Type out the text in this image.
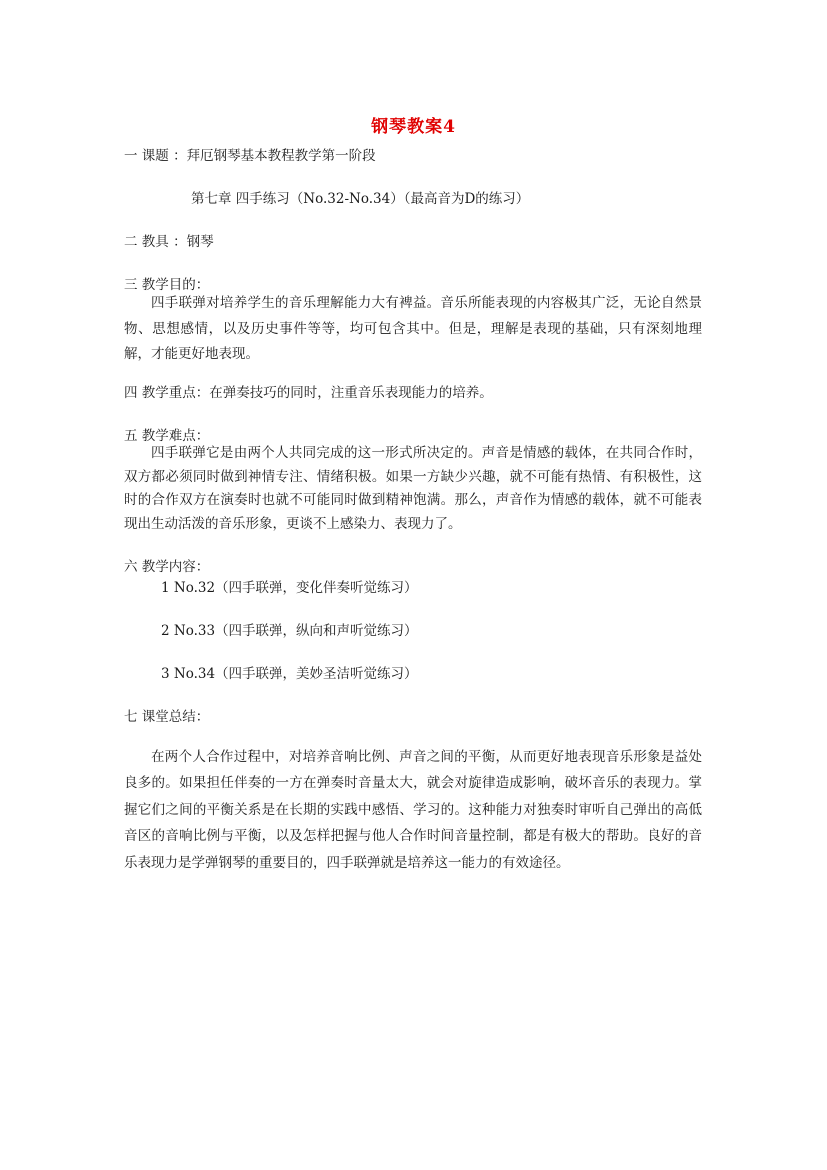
钢琴教案4
一 课题 ：拜厄钢琴基本教程教学第一阶段
第七章 四手练习（No.32-No.34）（最高音为D的练习）
二 教具 ：钢琴
三 教学目的：
四手联弹对培养学生的音乐理解能力大有裨益。音乐所能表现的内容极其广泛，无论自然景物、思想感情，以及历史事件等等，均可包含其中。但是，理解是表现的基础，只有深刻地理解，才能更好地表现。
四 教学重点：在弹奏技巧的同时，注重音乐表现能力的培养。
五 教学难点：
四手联弹它是由两个人共同完成的这一形式所决定的。声音是情感的载体，在共同合作时，双方都必须同时做到神情专注、情绪积极。如果一方缺少兴趣，就不可能有热情、有积极性，这时的合作双方在演奏时也就不可能同时做到精神饱满。那么，声音作为情感的载体，就不可能表现出生动活泼的音乐形象，更谈不上感染力、表现力了。
六 教学内容：
1 No.32（四手联弹，变化伴奏听觉练习）
2 No.33（四手联弹，纵向和声听觉练习）
3 No.34（四手联弹，美妙圣洁听觉练习）
七 课堂总结：
在两个人合作过程中，对培养音响比例、声音之间的平衡，从而更好地表现音乐形象是益处良多的。如果担任伴奏的一方在弹奏时音量太大，就会对旋律造成影响，破坏音乐的表现力。掌握它们之间的平衡关系是在长期的实践中感悟、学习的。这种能力对独奏时审听自己弹出的高低音区的音响比例与平衡，以及怎样把握与他人合作时间音量控制，都是有极大的帮助。良好的音乐表现力是学弹钢琴的重要目的，四手联弹就是培养这一能力的有效途径。
